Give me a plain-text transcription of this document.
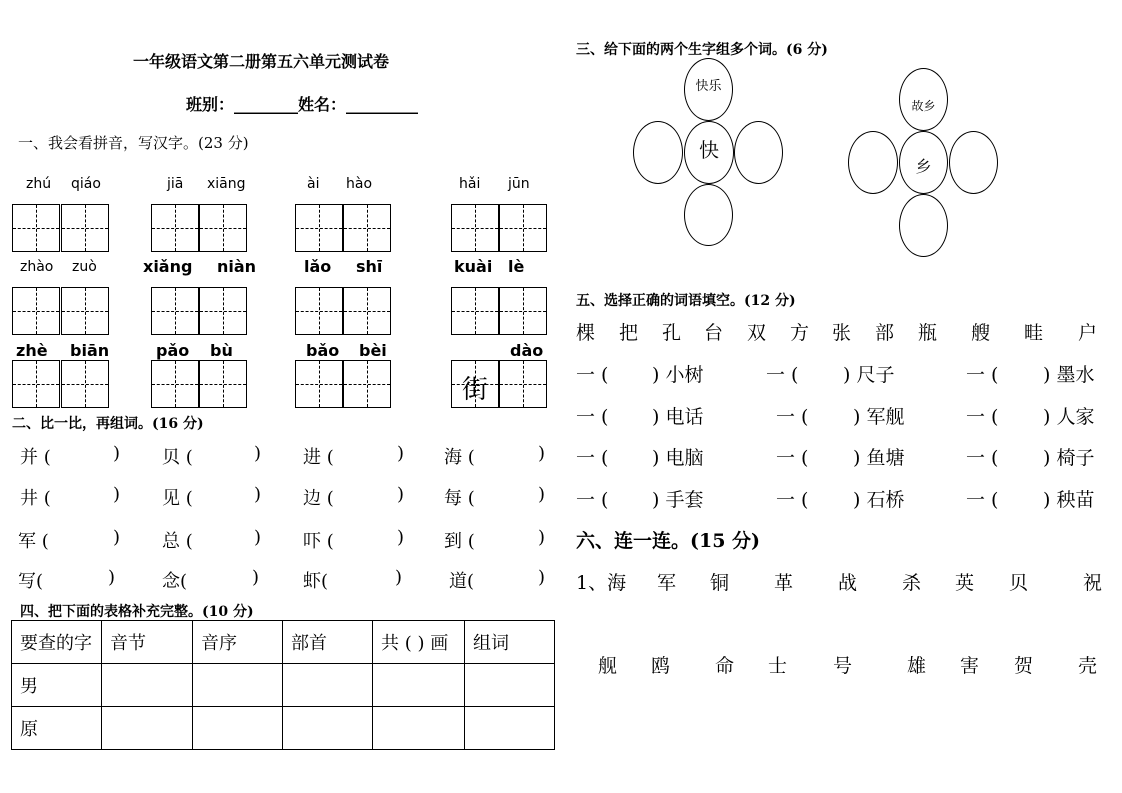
一年级语文第二册第五六单元测试卷
班别：________姓名：_________
一、我会看拼音，写汉字。(23 分)
zhú qiáo	jiā xiāng	ài hào	hǎi jūn
zhào zuò	xiǎng niàn	lǎo shī	kuài lè
zhè biān	pǎo bù	bǎo bèi	dào
街
二、比一比，再组词。(16 分)
并 (	) 贝 (	) 进 (	) 海 (	)
井 (	) 见 (	) 边 (	) 每 (	)
军 (	) 总 (	) 吓 (	) 到 (	)
写(	)	念(	) 虾(	)	道(	)
四、把下面的表格补充完整。(10 分)
要查的字	音节	音序	部首	共 ( ) 画	组词
男					
原					
三、给下面的两个生字组多个词。(6 分)
快乐
快
故乡
乡
五、选择正确的词语填空。(12 分)
棵 把 孔 台 双 方 张 部 瓶 艘 畦 户
一 ( ) 小树	一 ( ) 尺子	一 ( ) 墨水
一 ( ) 电话	一 ( ) 军舰	一 ( ) 人家
一 ( ) 电脑	一 ( ) 鱼塘	一 ( ) 椅子
一 ( ) 手套	一 ( ) 石桥	一 ( ) 秧苗
六、连一连。(15 分)
1、海 军 铜 革 战 杀 英 贝	祝
舰 鸥 命 士 号	雄 害 贺 壳
